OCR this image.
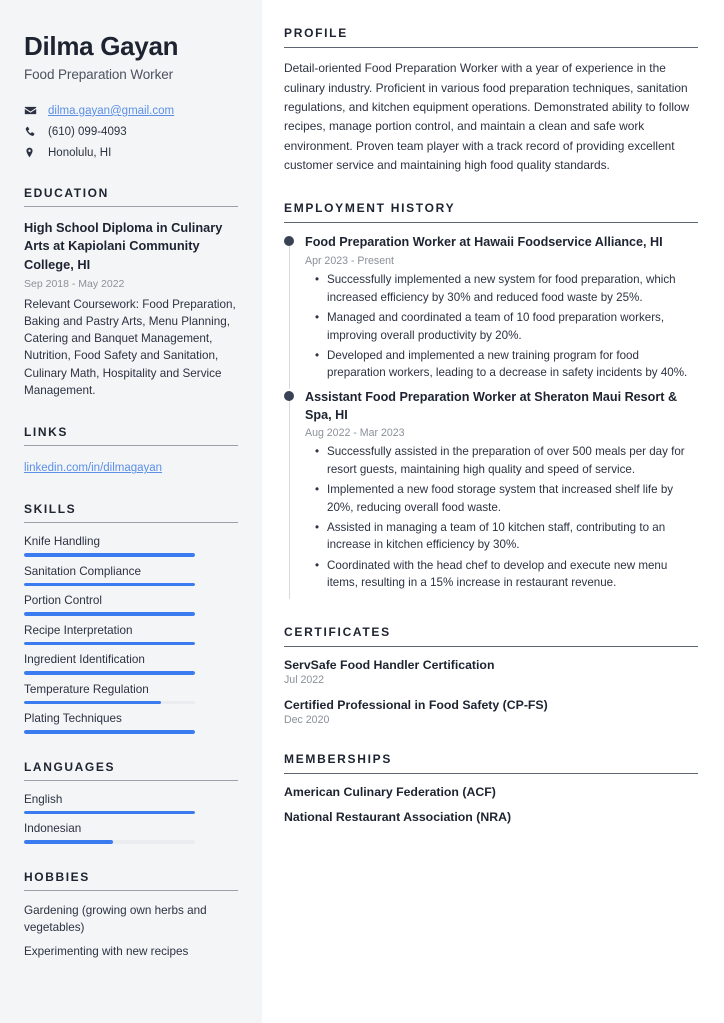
Dilma Gayan
Food Preparation Worker
dilma.gayan@gmail.com
(610) 099-4093
Honolulu, HI
EDUCATION
High School Diploma in Culinary Arts at Kapiolani Community College, HI
Sep 2018 - May 2022
Relevant Coursework: Food Preparation, Baking and Pastry Arts, Menu Planning, Catering and Banquet Management, Nutrition, Food Safety and Sanitation, Culinary Math, Hospitality and Service Management.
LINKS
linkedin.com/in/dilmagayan
SKILLS
Knife Handling
Sanitation Compliance
Portion Control
Recipe Interpretation
Ingredient Identification
Temperature Regulation
Plating Techniques
LANGUAGES
English
Indonesian
HOBBIES
Gardening (growing own herbs and vegetables)
Experimenting with new recipes
PROFILE
Detail-oriented Food Preparation Worker with a year of experience in the culinary industry. Proficient in various food preparation techniques, sanitation regulations, and kitchen equipment operations. Demonstrated ability to follow recipes, manage portion control, and maintain a clean and safe work environment. Proven team player with a track record of providing excellent customer service and maintaining high food quality standards.
EMPLOYMENT HISTORY
Food Preparation Worker at Hawaii Foodservice Alliance, HI
Apr 2023 - Present
• Successfully implemented a new system for food preparation, which increased efficiency by 30% and reduced food waste by 25%.
• Managed and coordinated a team of 10 food preparation workers, improving overall productivity by 20%.
• Developed and implemented a new training program for food preparation workers, leading to a decrease in safety incidents by 40%.
Assistant Food Preparation Worker at Sheraton Maui Resort & Spa, HI
Aug 2022 - Mar 2023
• Successfully assisted in the preparation of over 500 meals per day for resort guests, maintaining high quality and speed of service.
• Implemented a new food storage system that increased shelf life by 20%, reducing overall food waste.
• Assisted in managing a team of 10 kitchen staff, contributing to an increase in kitchen efficiency by 30%.
• Coordinated with the head chef to develop and execute new menu items, resulting in a 15% increase in restaurant revenue.
CERTIFICATES
ServSafe Food Handler Certification
Jul 2022
Certified Professional in Food Safety (CP-FS)
Dec 2020
MEMBERSHIPS
American Culinary Federation (ACF)
National Restaurant Association (NRA)
